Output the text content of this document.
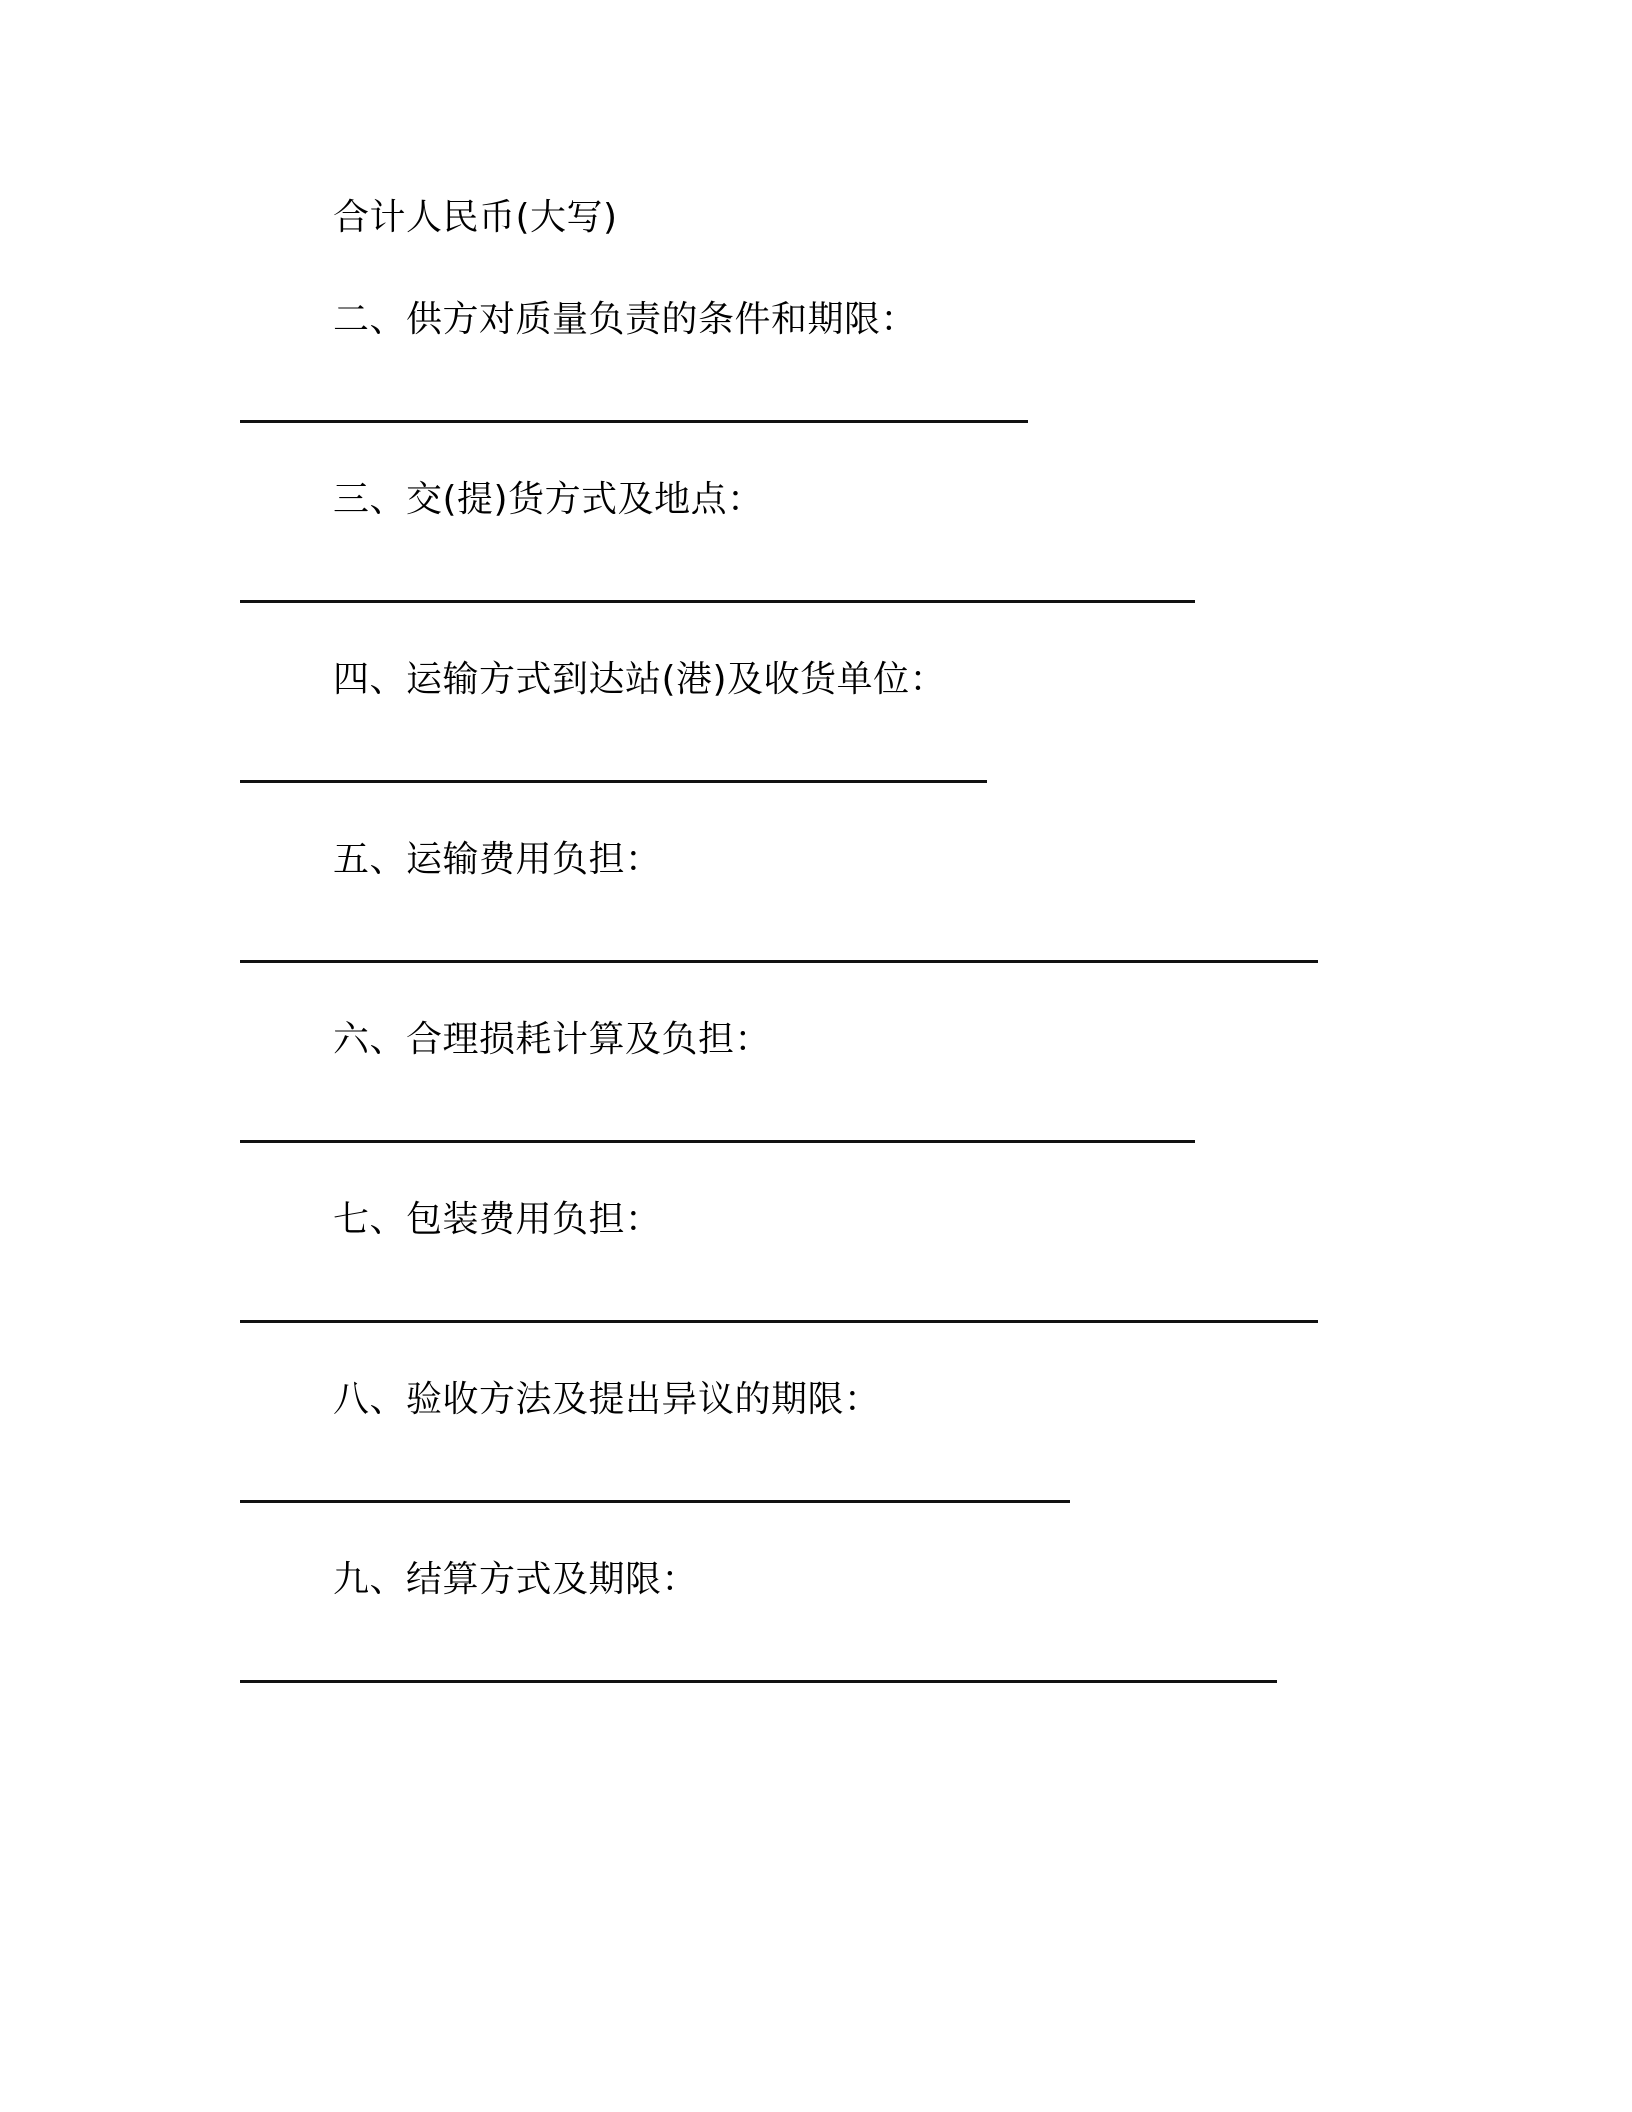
合计人民币(大写)
二、供方对质量负责的条件和期限：
三、交(提)货方式及地点：
四、运输方式到达站(港)及收货单位：
五、运输费用负担：
六、合理损耗计算及负担：
七、包装费用负担：
八、验收方法及提出异议的期限：
九、结算方式及期限：
